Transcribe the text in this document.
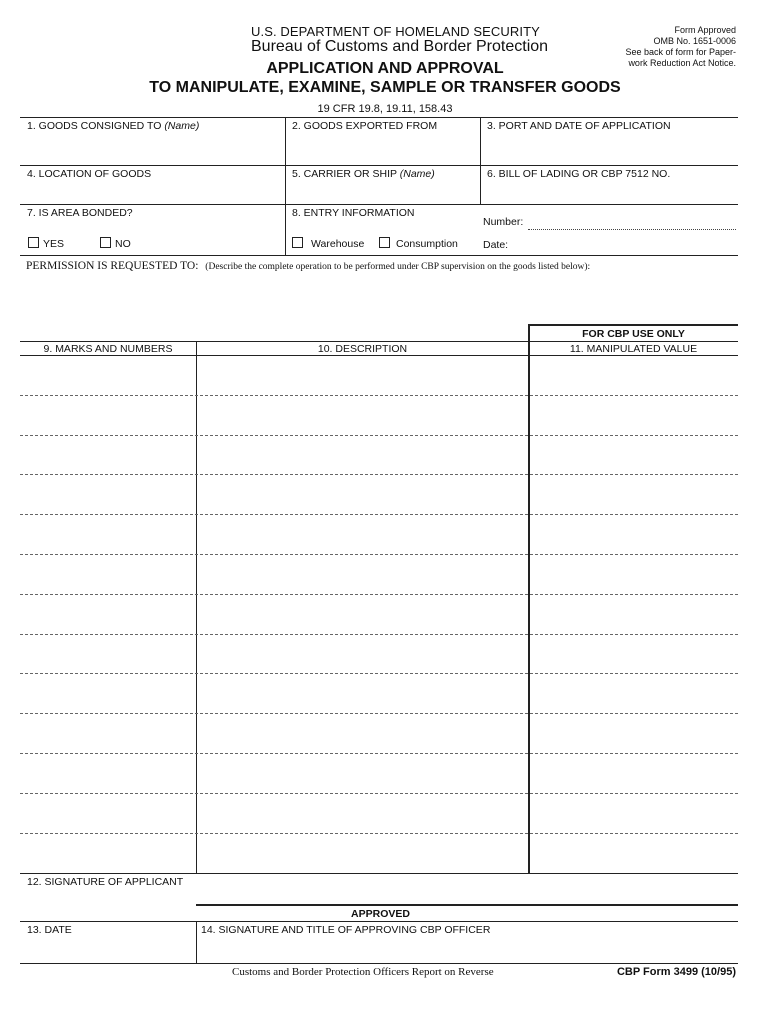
U.S. DEPARTMENT OF HOMELAND SECURITY
Bureau of Customs and Border Protection
Form Approved
OMB No. 1651-0006
See back of form for Paper-
work Reduction Act Notice.
APPLICATION AND APPROVAL
TO MANIPULATE, EXAMINE, SAMPLE OR TRANSFER GOODS
19 CFR 19.8, 19.11, 158.43
1. GOODS CONSIGNED TO (Name)	2. GOODS EXPORTED FROM	3. PORT AND DATE OF APPLICATION
4. LOCATION OF GOODS	5. CARRIER OR SHIP (Name)	6. BILL OF LADING OR CBP 7512 NO.
7. IS AREA BONDED?
YES	NO
8. ENTRY INFORMATION
Warehouse	Consumption
Number:
Date:
PERMISSION IS REQUESTED TO: (Describe the complete operation to be performed under CBP supervision on the goods listed below):
FOR CBP USE ONLY
9. MARKS AND NUMBERS	10. DESCRIPTION	11. MANIPULATED VALUE
12. SIGNATURE OF APPLICANT
APPROVED
13. DATE	14. SIGNATURE AND TITLE OF APPROVING CBP OFFICER
Customs and Border Protection Officers Report on Reverse	CBP Form 3499 (10/95)
